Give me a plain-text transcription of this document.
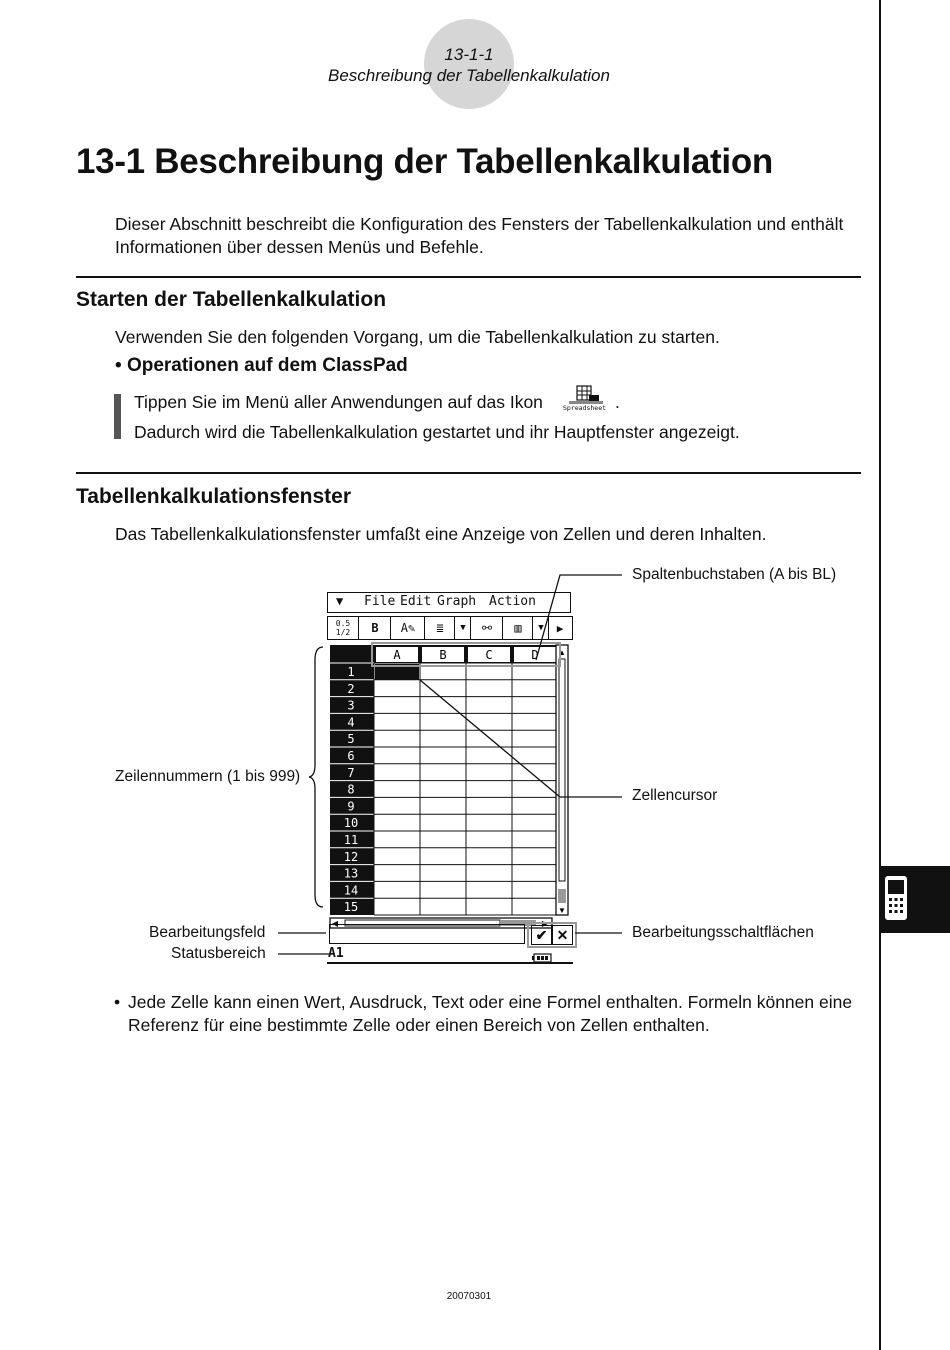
13-1-1
Beschreibung der Tabellenkalkulation
13-1 Beschreibung der Tabellenkalkulation
Dieser Abschnitt beschreibt die Konfiguration des Fensters der Tabellenkalkulation und enthält Informationen über dessen Menüs und Befehle.
Starten der Tabellenkalkulation
Verwenden Sie den folgenden Vorgang, um die Tabellenkalkulation zu starten.
• Operationen auf dem ClassPad
Tippen Sie im Menü aller Anwendungen auf das Ikon	Spreadsheet .
Dadurch wird die Tabellenkalkulation gestartet und ihr Hauptfenster angezeigt.
Tabellenkalkulationsfenster
Das Tabellenkalkulationsfenster umfaßt eine Anzeige von Zellen und deren Inhalten.
▼ File Edit Graph Action
0.5
1/2	B	A✎	≣	▼	⚯	▥	▼	▶
A	B	C	D
1
2
3
4
5
6
7
8
9
10
11
12
13
14
15
▲
▼
◀	▶
✔ ✕
A1
Spaltenbuchstaben (A bis BL)
Zeilennummern (1 bis 999)
Zellencursor
Bearbeitungsfeld	Bearbeitungsschaltflächen
Statusbereich
• Jede Zelle kann einen Wert, Ausdruck, Text oder eine Formel enthalten. Formeln können eine Referenz für eine bestimmte Zelle oder einen Bereich von Zellen enthalten.
20070301
